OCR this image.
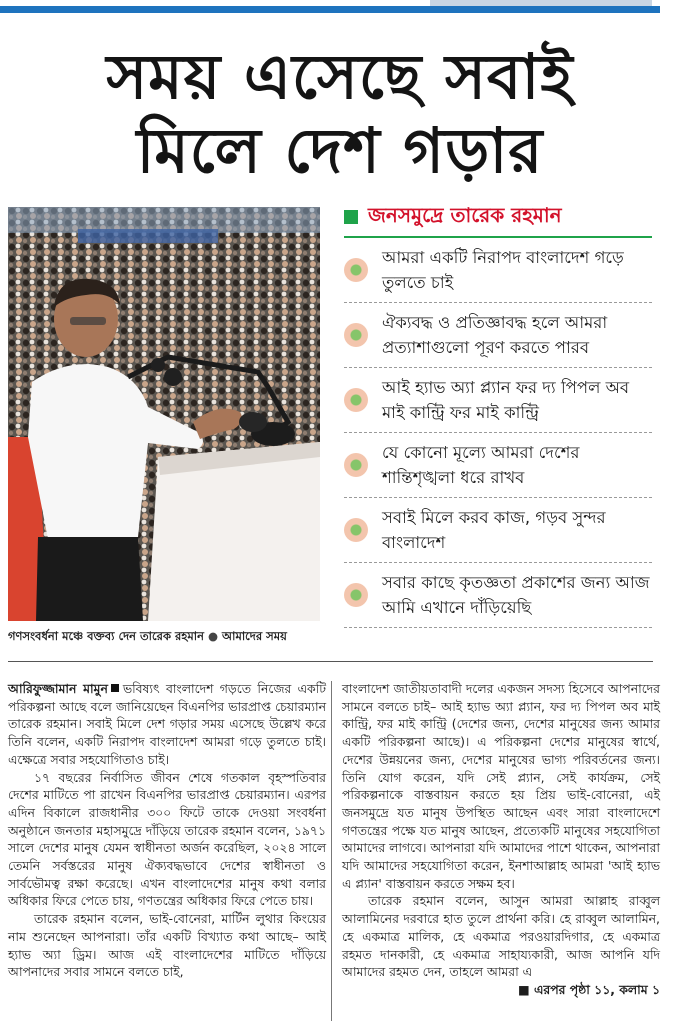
সময় এসেছে সবাই
মিলে দেশ গড়ার
গণসংবর্ধনা মঞ্চে বক্তব্য দেন তারেক রহমান ● আমাদের সময়
জনসমুদ্রে তারেক রহমান
আমরা একটি নিরাপদ বাংলাদেশ গড়ে তুলতে চাই
ঐক্যবদ্ধ ও প্রতিজ্ঞাবদ্ধ হলে আমরা প্রত্যাশাগুলো পূরণ করতে পারব
আই হ্যাভ অ্যা প্ল্যান ফর দ্য পিপল অব মাই কান্ট্রি ফর মাই কান্ট্রি
যে কোনো মূল্যে আমরা দেশের শান্তিশৃঙ্খলা ধরে রাখব
সবাই মিলে করব কাজ, গড়ব সুন্দর বাংলাদেশ
সবার কাছে কৃতজ্ঞতা প্রকাশের জন্য আজ আমি এখানে দাঁড়িয়েছি

আরিফুজ্জামান মামুন ভবিষ্যৎ বাংলাদেশ গড়তে নিজের একটি পরিকল্পনা আছে বলে জানিয়েছেন বিএনপির ভারপ্রাপ্ত চেয়ারম্যান তারেক রহমান। সবাই মিলে দেশ গড়ার সময় এসেছে উল্লেখ করে তিনি বলেন, একটি নিরাপদ বাংলাদেশ আমরা গড়ে তুলতে চাই। এক্ষেত্রে সবার সহযোগিতাও চাই।

১৭ বছরের নির্বাসিত জীবন শেষে গতকাল বৃহস্পতিবার দেশের মাটিতে পা রাখেন বিএনপির ভারপ্রাপ্ত চেয়ারম্যান। এরপর এদিন বিকালে রাজধানীর ৩০০ ফিটে তাকে দেওয়া সংবর্ধনা অনুষ্ঠানে জনতার মহাসমুদ্রে দাঁড়িয়ে তারেক রহমান বলেন, ১৯৭১ সালে দেশের মানুষ যেমন স্বাধীনতা অর্জন করেছিল, ২০২৪ সালে তেমনি সর্বস্তরের মানুষ ঐক্যবদ্ধভাবে দেশের স্বাধীনতা ও সার্বভৌমত্ব রক্ষা করেছে। এখন বাংলাদেশের মানুষ কথা বলার অধিকার ফিরে পেতে চায়, গণতন্ত্রের অধিকার ফিরে পেতে চায়।

তারেক রহমান বলেন, ভাই-বোনেরা, মার্টিন লুথার কিংয়ের নাম শুনেছেন আপনারা। তাঁর একটি বিখ্যাত কথা আছে– আই হ্যাভ অ্যা ড্রিম। আজ এই বাংলাদেশের মাটিতে দাঁড়িয়ে আপনাদের সবার সামনে বলতে চাই,

বাংলাদেশ জাতীয়তাবাদী দলের একজন সদস্য হিসেবে আপনাদের সামনে বলতে চাই– আই হ্যাভ অ্যা প্ল্যান, ফর দ্য পিপল অব মাই কান্ট্রি, ফর মাই কান্ট্রি (দেশের জন্য, দেশের মানুষের জন্য আমার একটি পরিকল্পনা আছে)। এ পরিকল্পনা দেশের মানুষের স্বার্থে, দেশের উন্নয়নের জন্য, দেশের মানুষের ভাগ্য পরিবর্তনের জন্য। তিনি যোগ করেন, যদি সেই প্ল্যান, সেই কার্যক্রম, সেই পরিকল্পনাকে বাস্তবায়ন করতে হয় প্রিয় ভাই-বোনেরা, এই জনসমুদ্রে যত মানুষ উপস্থিত আছেন এবং সারা বাংলাদেশে গণতন্ত্রের পক্ষে যত মানুষ আছেন, প্রত্যেকটি মানুষের সহযোগিতা আমাদের লাগবে। আপনারা যদি আমাদের পাশে থাকেন, আপনারা যদি আমাদের সহযোগিতা করেন, ইনশাআল্লাহ আমরা 'আই হ্যাভ এ প্ল্যান' বাস্তবায়ন করতে সক্ষম হব।

তারেক রহমান বলেন, আসুন আমরা আল্লাহ রাব্বুল আলামিনের দরবারে হাত তুলে প্রার্থনা করি। হে রাব্বুল আলামিন, হে একমাত্র মালিক, হে একমাত্র পরওয়ারদিগার, হে একমাত্র রহমত দানকারী, হে একমাত্র সাহায্যকারী, আজ আপনি যদি আমাদের রহমত দেন, তাহলে আমরা এ
■ এরপর পৃষ্ঠা ১১, কলাম ১
